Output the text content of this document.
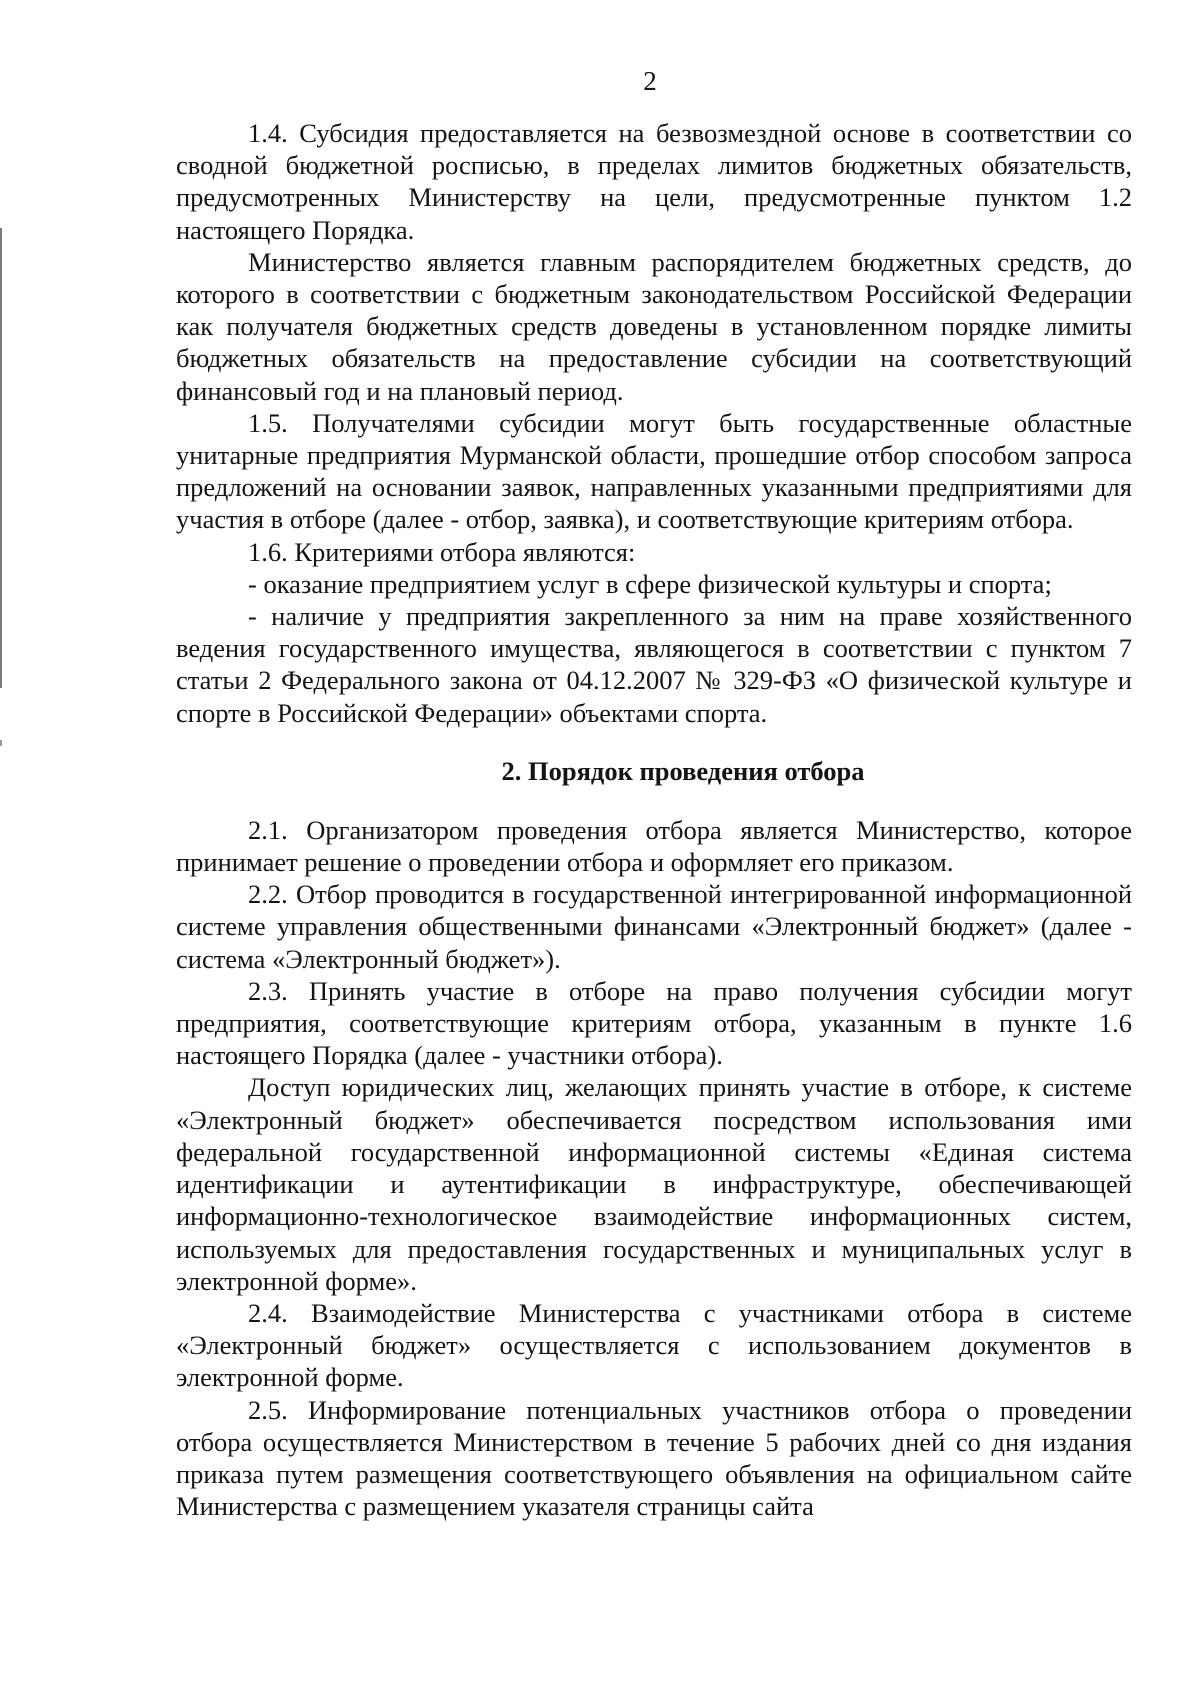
2

1.4. Субсидия предоставляется на безвозмездной основе в соответствии со сводной бюджетной росписью, в пределах лимитов бюджетных обязательств, предусмотренных Министерству на цели, предусмотренные пунктом 1.2 настоящего Порядка.

Министерство является главным распорядителем бюджетных средств, до которого в соответствии с бюджетным законодательством Российской Федерации как получателя бюджетных средств доведены в установленном порядке лимиты бюджетных обязательств на предоставление субсидии на соответствующий финансовый год и на плановый период.

1.5. Получателями субсидии могут быть государственные областные унитарные предприятия Мурманской области, прошедшие отбор способом запроса предложений на основании заявок, направленных указанными предприятиями для участия в отборе (далее - отбор, заявка), и соответствующие критериям отбора.

1.6. Критериями отбора являются:

- оказание предприятием услуг в сфере физической культуры и спорта;

- наличие у предприятия закрепленного за ним на праве хозяйственного ведения государственного имущества, являющегося в соответствии с пунктом 7 статьи 2 Федерального закона от 04.12.2007 № 329-ФЗ «О физической культуре и спорте в Российской Федерации» объектами спорта.

2. Порядок проведения отбора

2.1. Организатором проведения отбора является Министерство, которое принимает решение о проведении отбора и оформляет его приказом.

2.2. Отбор проводится в государственной интегрированной информационной системе управления общественными финансами «Электронный бюджет» (далее - система «Электронный бюджет»).

2.3. Принять участие в отборе на право получения субсидии могут предприятия, соответствующие критериям отбора, указанным в пункте 1.6 настоящего Порядка (далее - участники отбора).

Доступ юридических лиц, желающих принять участие в отборе, к системе «Электронный бюджет» обеспечивается посредством использования ими федеральной государственной информационной системы «Единая система идентификации и аутентификации в инфраструктуре, обеспечивающей информационно-технологическое взаимодействие информационных систем, используемых для предоставления государственных и муниципальных услуг в электронной форме».

2.4. Взаимодействие Министерства с участниками отбора в системе «Электронный бюджет» осуществляется с использованием документов в электронной форме.

2.5. Информирование потенциальных участников отбора о проведении отбора осуществляется Министерством в течение 5 рабочих дней со дня издания приказа путем размещения соответствующего объявления на официальном сайте Министерства с размещением указателя страницы сайта
